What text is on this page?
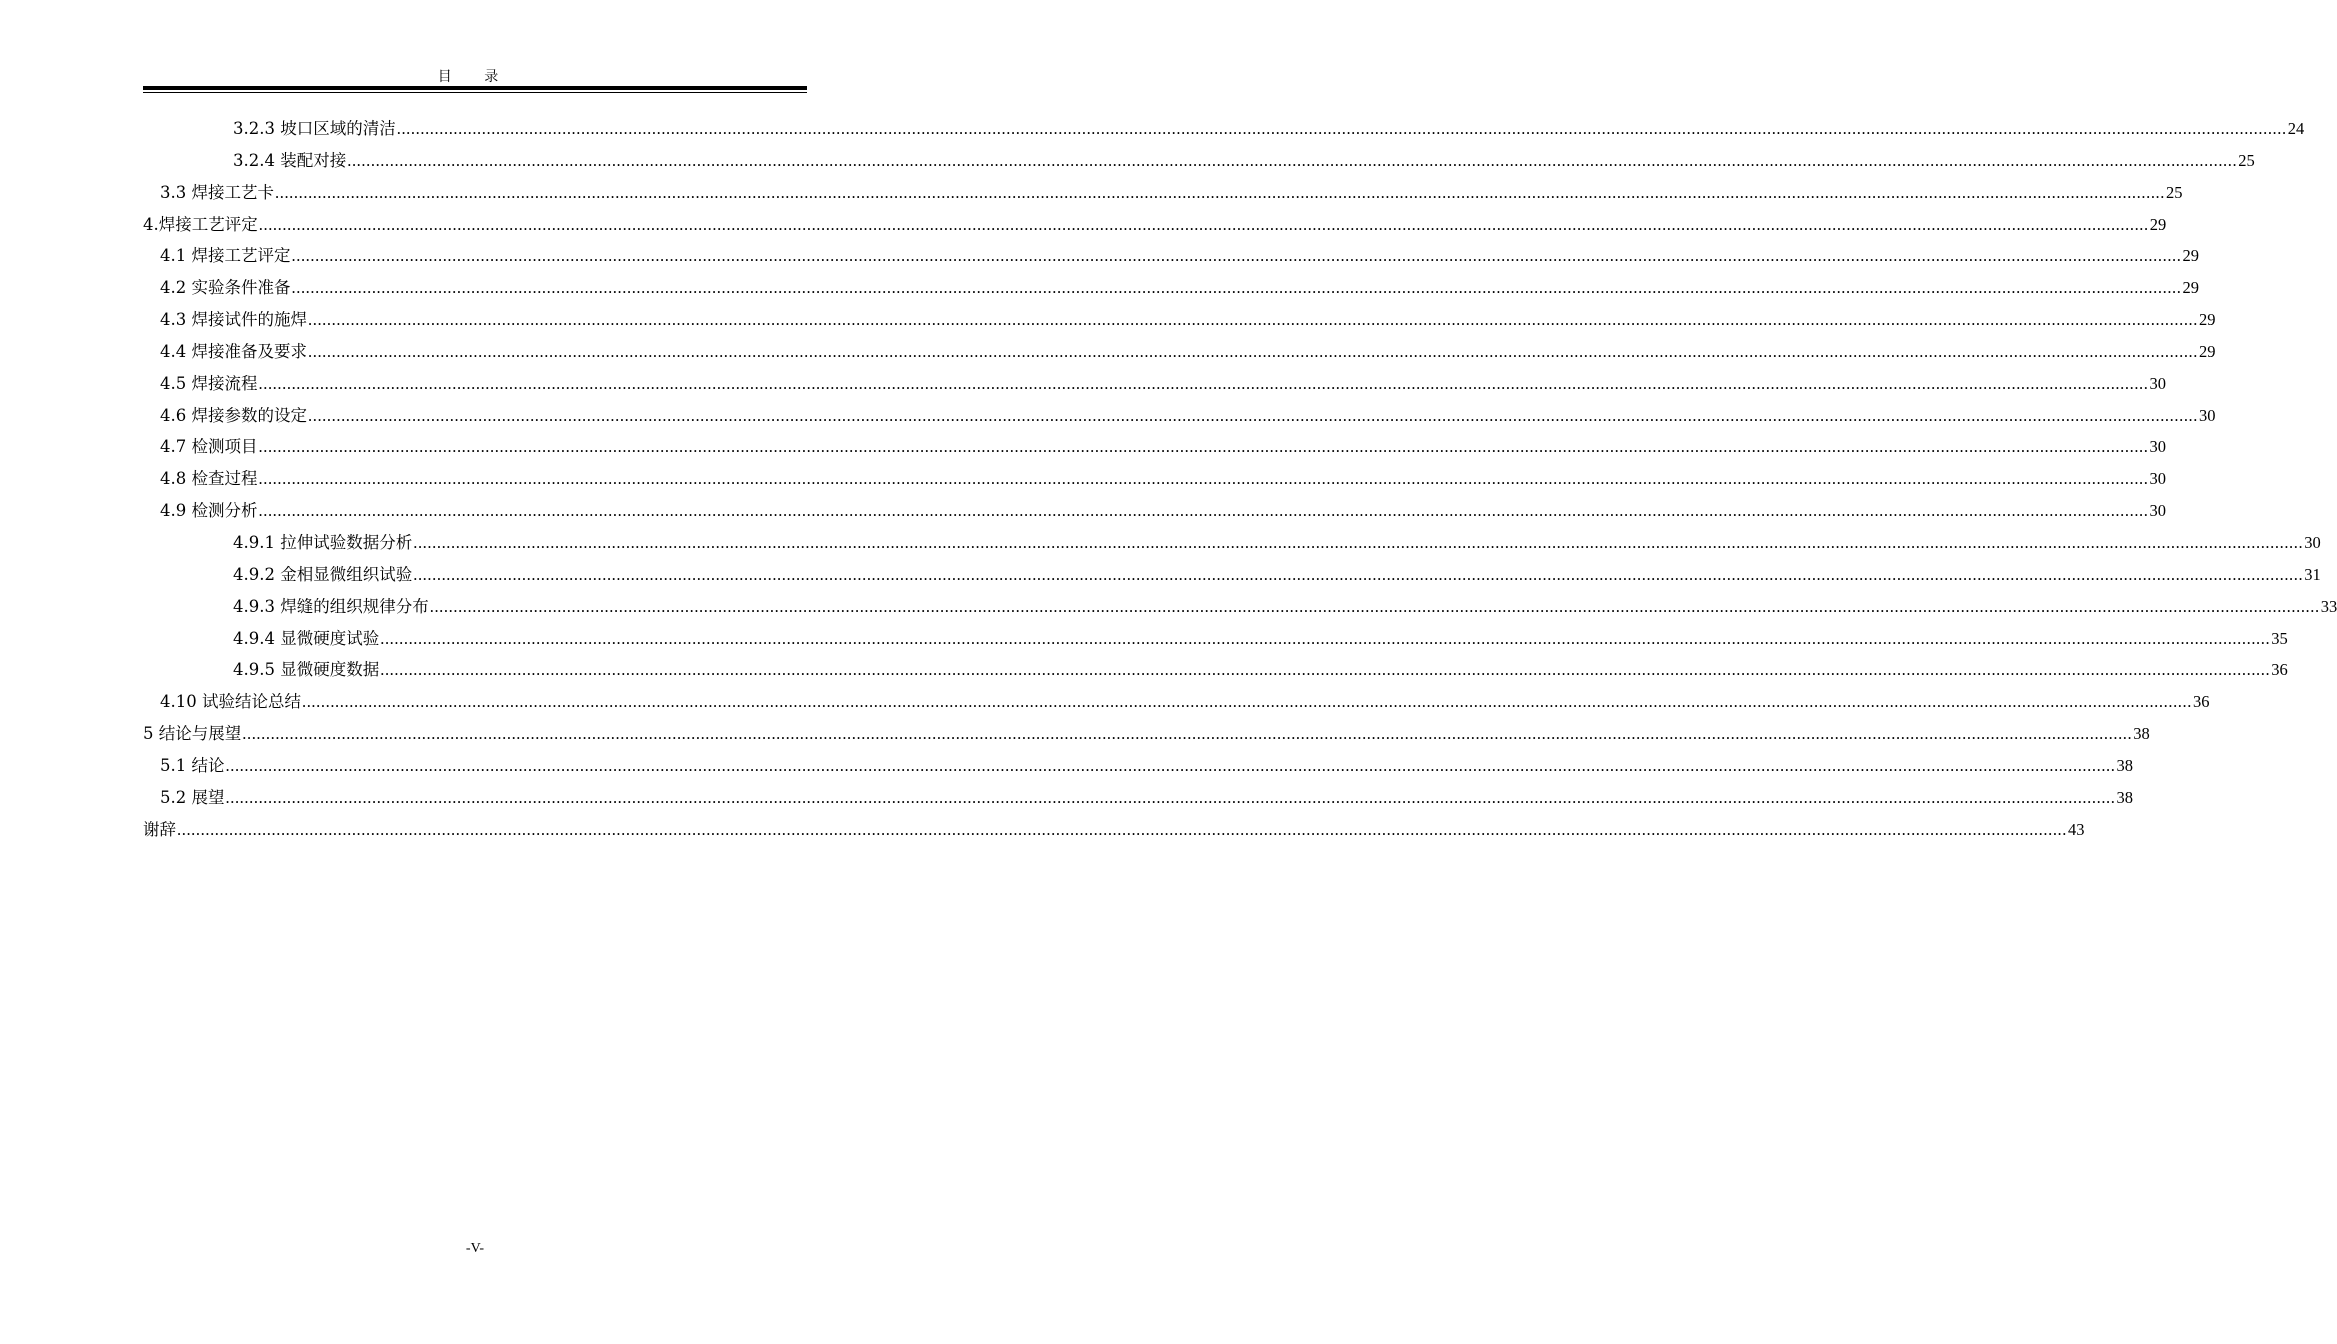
目 录
3.2.3 坡口区域的清洁 ................................................................................................................................................................................................................................................................................................................................................................................................................ 24
3.2.4 装配对接 ................................................................................................................................................................................................................................................................................................................................................................................................................ 25
3.3 焊接工艺卡 ................................................................................................................................................................................................................................................................................................................................................................................................................ 25
4.焊接工艺评定 ................................................................................................................................................................................................................................................................................................................................................................................................................ 29
4.1 焊接工艺评定 ................................................................................................................................................................................................................................................................................................................................................................................................................ 29
4.2 实验条件准备 ................................................................................................................................................................................................................................................................................................................................................................................................................ 29
4.3 焊接试件的施焊 ................................................................................................................................................................................................................................................................................................................................................................................................................ 29
4.4 焊接准备及要求 ................................................................................................................................................................................................................................................................................................................................................................................................................ 29
4.5 焊接流程 ................................................................................................................................................................................................................................................................................................................................................................................................................ 30
4.6 焊接参数的设定 ................................................................................................................................................................................................................................................................................................................................................................................................................ 30
4.7 检测项目 ................................................................................................................................................................................................................................................................................................................................................................................................................ 30
4.8 检查过程 ................................................................................................................................................................................................................................................................................................................................................................................................................ 30
4.9 检测分析 ................................................................................................................................................................................................................................................................................................................................................................................................................ 30
4.9.1 拉伸试验数据分析 ................................................................................................................................................................................................................................................................................................................................................................................................................ 30
4.9.2 金相显微组织试验 ................................................................................................................................................................................................................................................................................................................................................................................................................ 31
4.9.3 焊缝的组织规律分布 ................................................................................................................................................................................................................................................................................................................................................................................................................ 33
4.9.4 显微硬度试验 ................................................................................................................................................................................................................................................................................................................................................................................................................ 35
4.9.5 显微硬度数据 ................................................................................................................................................................................................................................................................................................................................................................................................................ 36
4.10 试验结论总结 ................................................................................................................................................................................................................................................................................................................................................................................................................ 36
5 结论与展望 ................................................................................................................................................................................................................................................................................................................................................................................................................ 38
5.1 结论 ................................................................................................................................................................................................................................................................................................................................................................................................................ 38
5.2 展望 ................................................................................................................................................................................................................................................................................................................................................................................................................ 38
谢辞 ................................................................................................................................................................................................................................................................................................................................................................................................................ 43
-V-
